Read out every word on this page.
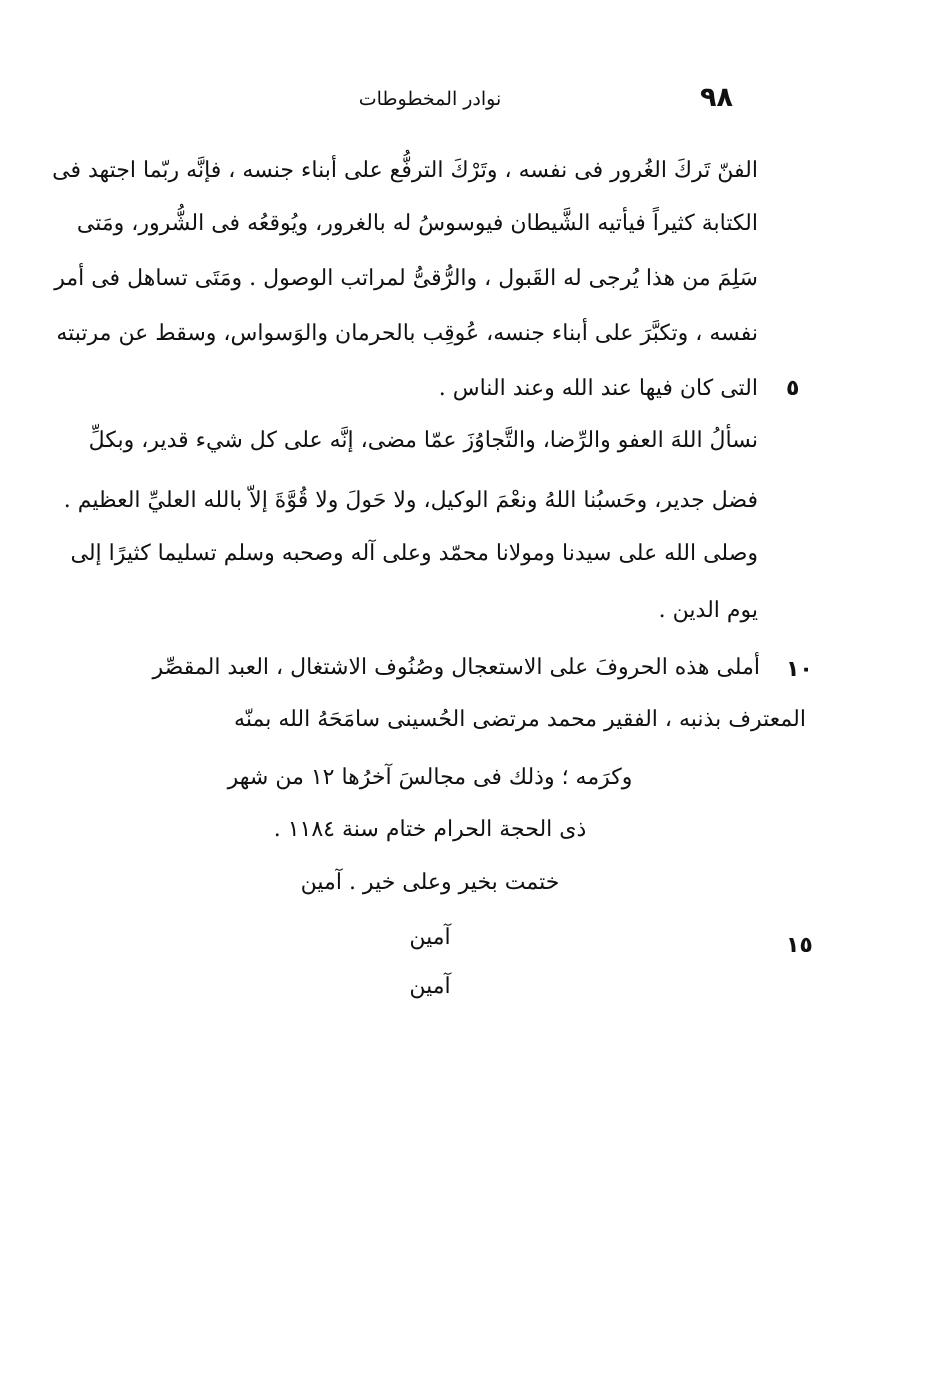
٩٨
نوادر المخطوطات
الفنّ تَركَ الغُرور فى نفسه ، وتَرْكَ الترفُّع على أبناء جنسه ، فإنَّه ربّما اجتهد فى
الكتابة كثيراً فيأتيه الشَّيطان فيوسوسُ له بالغرور، ويُوقعُه فى الشُّرور، ومَتى
سَلِمَ من هذا يُرجى له القَبول ، والرُّقىُّ لمراتب الوصول . ومَتَى تساهل فى أمر
نفسه ، وتكبَّرَ على أبناء جنسه، عُوقِب بالحرمان والوَسواس، وسقط عن مرتبته
التى كان فيها عند الله وعند الناس . ٥
نسألُ اللهَ العفو والرِّضا، والتَّجاوُزَ عمّا مضى، إنَّه على كل شيء قدير، وبكلِّ
فضل جدير، وحَسبُنا اللهُ ونعْمَ الوكيل، ولا حَولَ ولا قُوَّةَ إلاّ بالله العليِّ العظيم .
وصلى الله على سيدنا ومولانا محمّد وعلى آله وصحبه وسلم تسليما كثيرًا إلى
يوم الدين .
أملى هذه الحروفَ على الاستعجال وصُنُوف الاشتغال ، العبد المقصِّر ١٠
المعترف بذنبه ، الفقير محمد مرتضى الحُسينى سامَحَهُ الله بمنّه
وكرَمه ؛ وذلك فى مجالسَ آخرُها ١٢ من شهر
ذى الحجة الحرام ختام سنة ١١٨٤ .
ختمت بخير وعلى خير . آمين
آمين	١٥
آمين
